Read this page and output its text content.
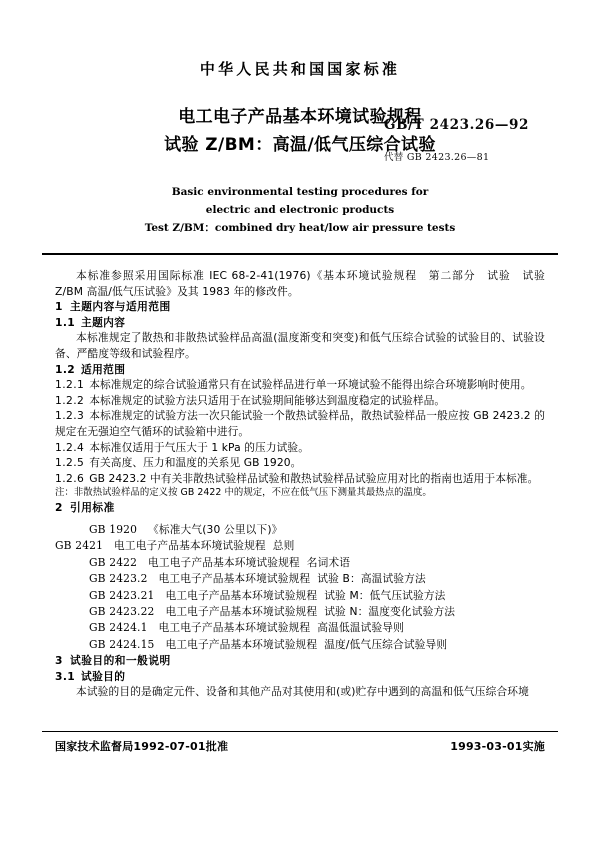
中华人民共和国国家标准
电工电子产品基本环境试验规程
试验 Z/BM：高温/低气压综合试验
GB/T 2423.26—92
代替 GB 2423.26—81
Basic environmental testing procedures for
electric and electronic products
Test Z/BM：combined dry heat/low air pressure tests

本标准参照采用国际标准 IEC 68-2-41(1976)《基本环境试验规程　第二部分　试验　试验 Z/BM 高温/低气压试验》及其 1983 年的修改件。

1 主题内容与适用范围

1.1 主题内容

本标准规定了散热和非散热试验样品高温(温度渐变和突变)和低气压综合试验的试验目的、试验设备、严酷度等级和试验程序。

1.2 适用范围

1.2.1 本标准规定的综合试验通常只有在试验样品进行单一环境试验不能得出综合环境影响时使用。

1.2.2 本标准规定的试验方法只适用于在试验期间能够达到温度稳定的试验样品。

1.2.3 本标准规定的试验方法一次只能试验一个散热试验样品，散热试验样品一般应按 GB 2423.2 的规定在无强迫空气循环的试验箱中进行。

1.2.4 本标准仅适用于气压大于 1 kPa 的压力试验。

1.2.5 有关高度、压力和温度的关系见 GB 1920。

1.2.6 GB 2423.2 中有关非散热试验样品试验和散热试验样品试验应用对比的指南也适用于本标准。

注：非散热试验样品的定义按 GB 2422 中的规定，不应在低气压下测量其最热点的温度。

2 引用标准

GB 1920 《标准大气(30 公里以下)》
GB 2421 电工电子产品基本环境试验规程 总则
GB 2422 电工电子产品基本环境试验规程 名词术语
GB 2423.2 电工电子产品基本环境试验规程 试验 B：高温试验方法
GB 2423.21 电工电子产品基本环境试验规程 试验 M：低气压试验方法
GB 2423.22 电工电子产品基本环境试验规程 试验 N：温度变化试验方法
GB 2424.1 电工电子产品基本环境试验规程 高温低温试验导则
GB 2424.15 电工电子产品基本环境试验规程 温度/低气压综合试验导则

3 试验目的和一般说明

3.1 试验目的

本试验的目的是确定元件、设备和其他产品对其使用和(或)贮存中遇到的高温和低气压综合环境

国家技术监督局1992-07-01批准	1993-03-01实施
